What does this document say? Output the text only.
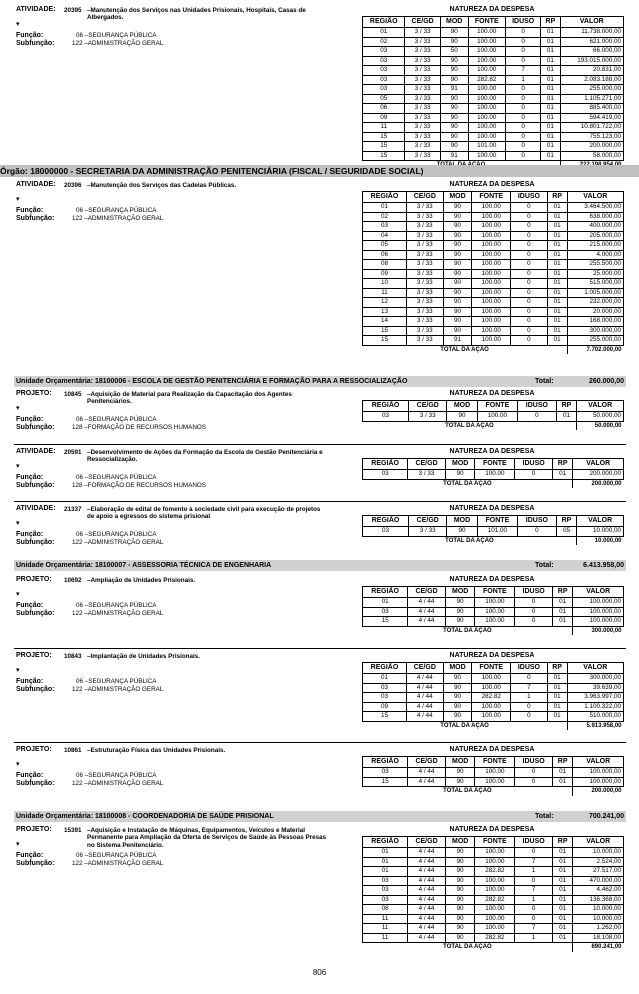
ATIVIDADE: 20395 –Manutenção dos Serviços nas Unidades Prisionais, Hospitais, Casas de Albergados.
Função:	06 –SEGURANÇA PÚBLICA
Subfunção:	122 –ADMINISTRAÇÃO GERAL
▾
NATUREZA DA DESPESA
REGIÃO	CE/GD	MOD	FONTE	IDUSO	RP	VALOR
01	3 / 33	90	100.00	0	01	11.738.000,00
02	3 / 33	90	100.00	0	01	621.000,00
03	3 / 33	50	100.00	0	01	66.000,00
03	3 / 33	90	100.00	0	01	193.015.000,00
03	3 / 33	90	100.00	7	01	20.831,00
03	3 / 33	90	282.82	1	01	2.083.188,00
03	3 / 33	91	100.00	0	01	255.000,00
05	3 / 33	90	100.00	0	01	1.105.271,00
06	3 / 33	90	100.00	0	01	885.400,00
09	3 / 33	90	100.00	0	01	594.419,00
11	3 / 33	90	100.00	0	01	10.801.722,00
15	3 / 33	90	100.00	0	01	755.123,00
15	3 / 33	90	101.00	0	01	200.000,00
15	3 / 33	91	100.00	0	01	58.000,00

Órgão: 18000000 - SECRETARIA DA ADMINISTRAÇÃO PENITENCIÁRIA (FISCAL / SEGURIDADE SOCIAL)
ATIVIDADE: 20396 –Manutenção dos Serviços das Cadeias Públicas.
Função:	06 –SEGURANÇA PÚBLICA
Subfunção:	122 –ADMINISTRAÇÃO GERAL
▾
NATUREZA DA DESPESA
REGIÃO	CE/GD	MOD	FONTE	IDUSO	RP	VALOR
01	3 / 33	90	100.00	0	01	3.464.500,00
02	3 / 33	90	100.00	0	01	638.000,00
03	3 / 33	90	100.00	0	01	400.000,00
04	3 / 33	90	100.00	0	01	205.000,00
05	3 / 33	90	100.00	0	01	215.000,00
06	3 / 33	90	100.00	0	01	4.000,00
08	3 / 33	90	100.00	0	01	255.500,00
09	3 / 33	90	100.00	0	01	25.000,00
10	3 / 33	90	100.00	0	01	515.000,00
11	3 / 33	90	100.00	0	01	1.005.000,00
12	3 / 33	90	100.00	0	01	232.000,00
13	3 / 33	90	100.00	0	01	20.000,00
14	3 / 33	90	100.00	0	01	168.000,00
15	3 / 33	90	100.00	0	01	300.000,00
15	3 / 33	91	100.00	0	01	255.000,00
TOTAL DA AÇÃO						7.702.000,00
Unidade Orçamentária: 18100006 - ESCOLA DE GESTÃO PENITENCIÁRIA E FORMAÇÃO PARA A RESSOCIALIZAÇÃO	Total:	260.000,00
PROJETO: 10845 –Aquisição de Material para Realização da Capacitação dos Agentes Penitenciários.
Função:	06 –SEGURANÇA PÚBLICA
Subfunção:	128 –FORMAÇÃO DE RECURSOS HUMANOS
▾
NATUREZA DA DESPESA
REGIÃO	CE/GD	MOD	FONTE	IDUSO	RP	VALOR
03	3 / 33	90	100.00	0	01	50.000,00
TOTAL DA AÇÃO						50.000,00
ATIVIDADE: 20591 –Desenvolvimento de Ações da Formação da Escola de Gestão Penitenciária e Ressocialização.
Função:	06 –SEGURANÇA PÚBLICA
Subfunção:	128 –FORMAÇÃO DE RECURSOS HUMANOS
▾
NATUREZA DA DESPESA
REGIÃO	CE/GD	MOD	FONTE	IDUSO	RP	VALOR
03	3 / 33	90	100.00	0	01	200.000,00
TOTAL DA AÇÃO						200.000,00
ATIVIDADE: 21337 –Elaboração de edital de fomento à sociedade civil para execução de projetos de apoio a egressos do sistema prisional
Função:	06 –SEGURANÇA PÚBLICA
Subfunção:	122 –ADMINISTRAÇÃO GERAL
▾
NATUREZA DA DESPESA
REGIÃO	CE/GD	MOD	FONTE	IDUSO	RP	VALOR
03	3 / 33	90	101.00	0	05	10.000,00
TOTAL DA AÇÃO						10.000,00
Unidade Orçamentária: 18100007 - ASSESSORIA TÉCNICA DE ENGENHARIA	Total:	6.413.958,00
PROJETO: 10692 –Ampliação de Unidades Prisionais.
Função:	06 –SEGURANÇA PÚBLICA
Subfunção:	122 –ADMINISTRAÇÃO GERAL
▾
NATUREZA DA DESPESA
REGIÃO	CE/GD	MOD	FONTE	IDUSO	RP	VALOR
01	4 / 44	90	100.00	0	01	100.000,00
03	4 / 44	90	100.00	0	01	100.000,00
15	4 / 44	90	100.00	0	01	100.000,00
TOTAL DA AÇÃO						300.000,00
PROJETO: 10843 –Implantação de Unidades Prisionais.
Função:	06 –SEGURANÇA PÚBLICA
Subfunção:	122 –ADMINISTRAÇÃO GERAL
▾
NATUREZA DA DESPESA
REGIÃO	CE/GD	MOD	FONTE	IDUSO	RP	VALOR
01	4 / 44	90	100.00	0	01	300.000,00
03	4 / 44	90	100.00	7	01	39.639,00
03	4 / 44	90	282.82	1	01	3.963.997,00
09	4 / 44	90	100.00	0	01	1.100.322,00
15	4 / 44	90	100.00	0	01	510.000,00
TOTAL DA AÇÃO						5.913.958,00
PROJETO: 10861 –Estruturação Física das Unidades Prisionais.
Função:	06 –SEGURANÇA PÚBLICA
Subfunção:	122 –ADMINISTRAÇÃO GERAL
▾
NATUREZA DA DESPESA
REGIÃO	CE/GD	MOD	FONTE	IDUSO	RP	VALOR
03	4 / 44	90	100.00	0	01	100.000,00
15	4 / 44	90	100.00	0	01	100.000,00
TOTAL DA AÇÃO						200.000,00
Unidade Orçamentária: 18100008 - COORDENADORIA DE SAÚDE PRISIONAL	Total:	700.241,00
PROJETO: 15391 –Aquisição e Instalação de Máquinas, Equipamentos, Veículos e Material Permanente para Ampliação da Oferta de Serviços de Saúde às Pessoas Presas no Sistema Penitenciário.
Função:	06 –SEGURANÇA PÚBLICA
Subfunção:	122 –ADMINISTRAÇÃO GERAL
▾
NATUREZA DA DESPESA
REGIÃO	CE/GD	MOD	FONTE	IDUSO	RP	VALOR
01	4 / 44	90	100.00	0	01	10.000,00
01	4 / 44	90	100.00	7	01	2.524,00
01	4 / 44	90	282.82	1	01	27.517,00
03	4 / 44	90	100.00	0	01	470.000,00
03	4 / 44	90	100.00	7	01	4.462,00
03	4 / 44	90	282.82	1	01	136.368,00
08	4 / 44	90	100.00	0	01	10.000,00
11	4 / 44	90	100.00	0	01	10.000,00
11	4 / 44	90	100.00	7	01	1.262,00
11	4 / 44	90	282.82	1	01	18.108,00
TOTAL DA AÇÃO						690.241,00
806
